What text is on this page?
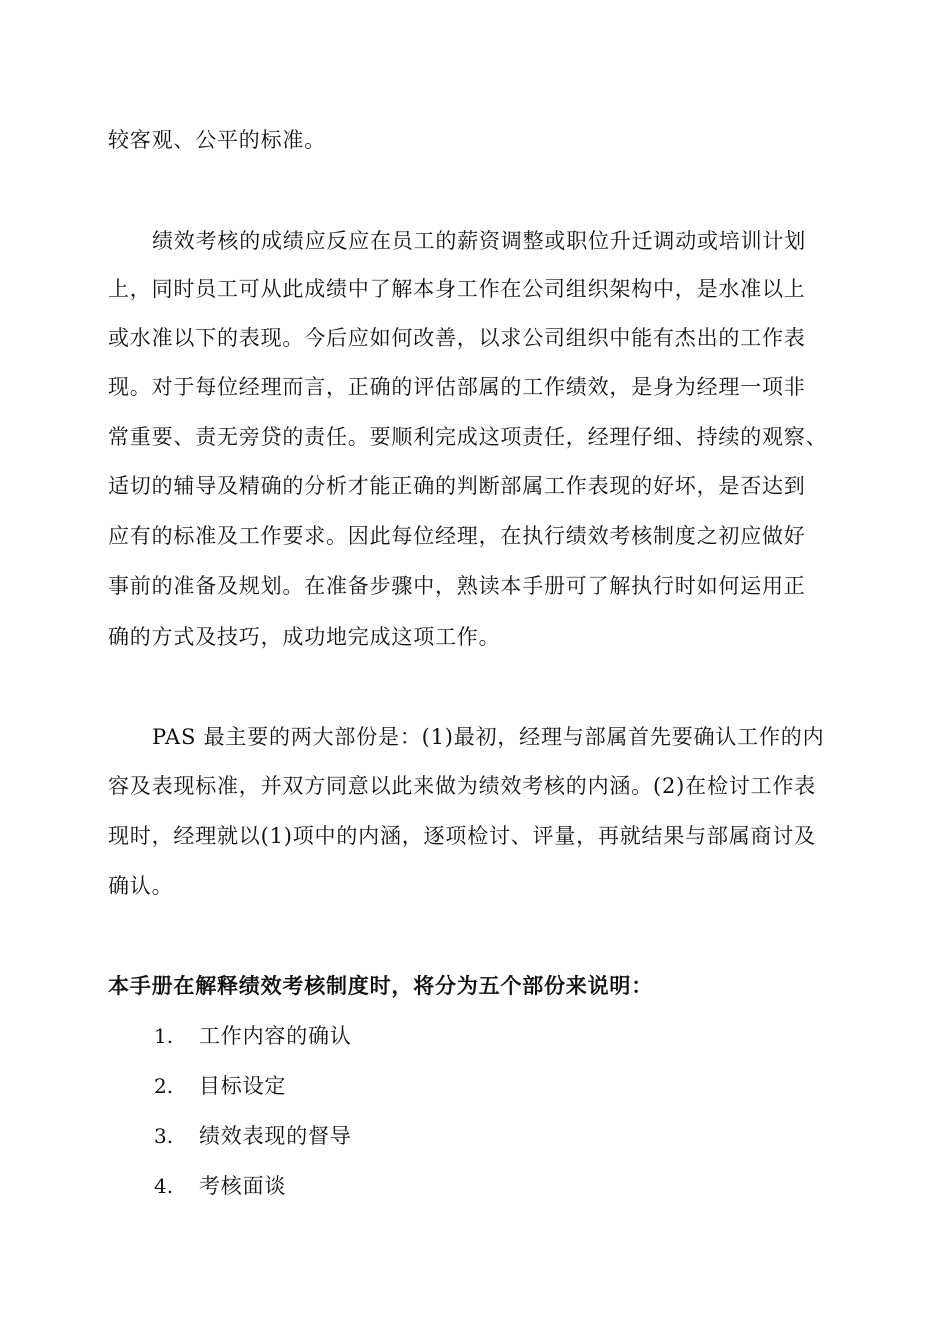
较客观、公平的标准。
绩效考核的成绩应反应在员工的薪资调整或职位升迁调动或培训计划
上，同时员工可从此成绩中了解本身工作在公司组织架构中，是水准以上
或水准以下的表现。今后应如何改善，以求公司组织中能有杰出的工作表
现。对于每位经理而言，正确的评估部属的工作绩效，是身为经理一项非
常重要、责无旁贷的责任。要顺利完成这项责任，经理仔细、持续的观察、
适切的辅导及精确的分析才能正确的判断部属工作表现的好坏，是否达到
应有的标准及工作要求。因此每位经理，在执行绩效考核制度之初应做好
事前的准备及规划。在准备步骤中，熟读本手册可了解执行时如何运用正
确的方式及技巧，成功地完成这项工作。
PAS 最主要的两大部份是：(1)最初，经理与部属首先要确认工作的内
容及表现标准，并双方同意以此来做为绩效考核的内涵。(2)在检讨工作表
现时，经理就以(1)项中的内涵，逐项检讨、评量，再就结果与部属商讨及
确认。
本手册在解释绩效考核制度时，将分为五个部份来说明：
1. 工作内容的确认
2. 目标设定
3. 绩效表现的督导
4. 考核面谈
